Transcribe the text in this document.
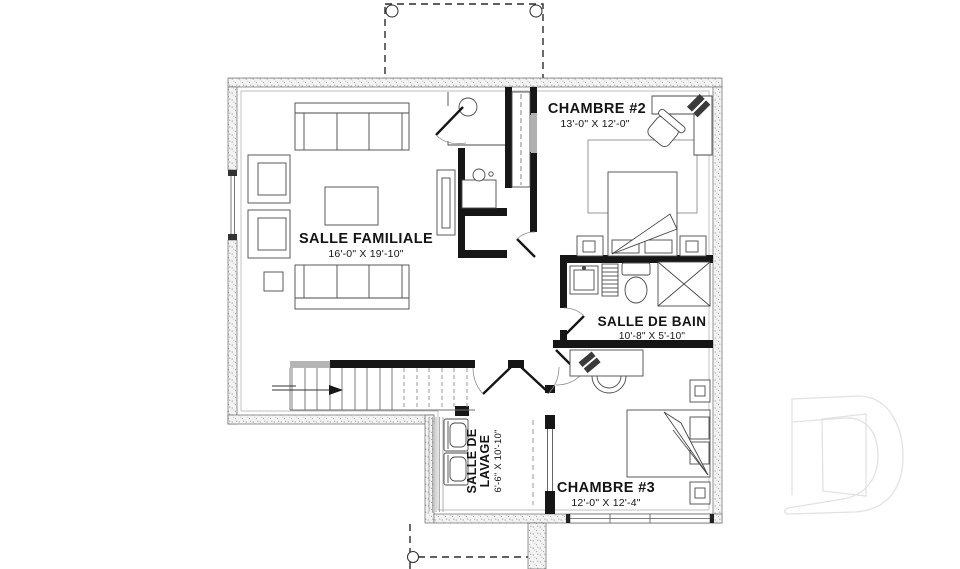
SALLE FAMILIALE
16'-0" X 19'-10"
CHAMBRE #2
13'-0" X 12'-0"
SALLE DE BAIN
10'-8" X 5'-10"
CHAMBRE #3
12'-0" X 12'-4"
SALLE DE LAVAGE 6'-6" X 10'-10"
